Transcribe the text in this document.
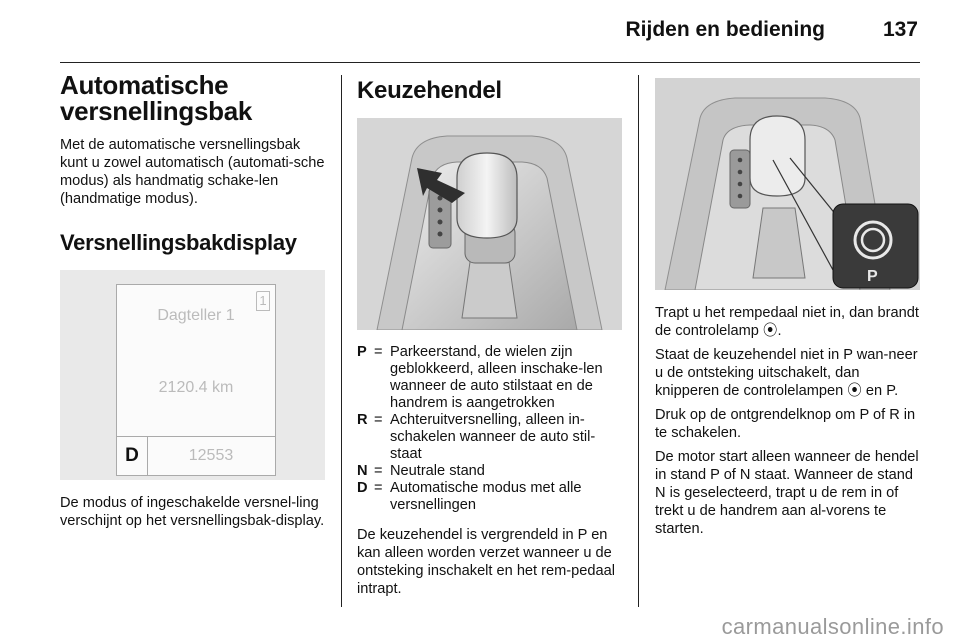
Rijden en bediening	137
Automatische versnellingsbak

Met de automatische versnellingsbak kunt u zowel automatisch (automati-sche modus) als handmatig schake-len (handmatige modus).

Versnellingsbakdisplay
1
Dagteller 1
2120.4 km
D	12553

De modus of ingeschakelde versnel-ling verschijnt op het versnellingsbak-display.

Keuzehendel
P = Parkeerstand, de wielen zijn geblokkeerd, alleen inschake-len wanneer de auto stilstaat en de handrem is aangetrokken
R = Achteruitversnelling, alleen in-schakelen wanneer de auto stil-staat
N = Neutrale stand
D = Automatische modus met alle versnellingen

De keuzehendel is vergrendeld in P en kan alleen worden verzet wanneer u de ontsteking inschakelt en het rem-pedaal intrapt.

P

Trapt u het rempedaal niet in, dan brandt de controlelamp ⦿.

Staat de keuzehendel niet in P wan-neer u de ontsteking uitschakelt, dan knipperen de controlelampen ⦿ en P.

Druk op de ontgrendelknop om P of R in te schakelen.

De motor start alleen wanneer de hendel in stand P of N staat. Wanneer de stand N is geselecteerd, trapt u de rem in of trekt u de handrem aan al-vorens te starten.

carmanualsonline.info
